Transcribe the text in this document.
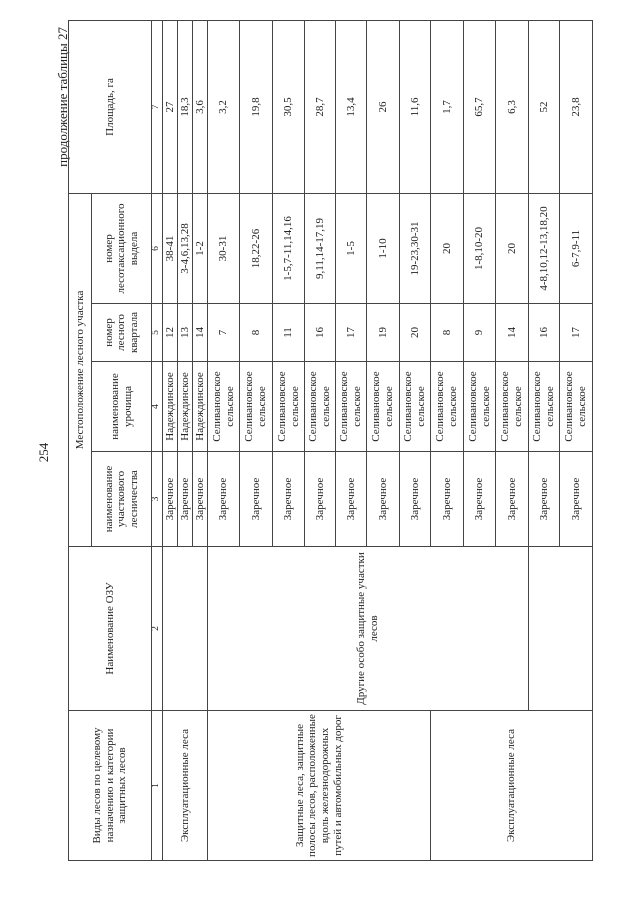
254
продолжение таблицы 27
Виды лесов по целевому назначению и категории защитных лесов	Наименование ОЗУ	Местоположение лесного участка				Площадь, га
		наименование участкового лесничества	наименование урочища	номер лесного квартала	номер лесотаксационного выдела	
1	2	3	4	5	6	7
Эксплуатационные леса		Заречное	Надеждинское	12	38-41	27
		Заречное	Надеждинское	13	3-4,6,13,28	18,3
		Заречное	Надеждинское	14	1-2	3,6
Защитные леса, защитные полосы лесов, расположенные вдоль железнодорожных путей и автомобильных дорог	Другие особо защитные участки лесов	Заречное	Селивановское сельское	7	30-31	3,2
		Заречное	Селивановское сельское	8	18,22-26	19,8
		Заречное	Селивановское сельское	11	1-5,7-11,14,16	30,5
		Заречное	Селивановское сельское	16	9,11,14-17,19	28,7
		Заречное	Селивановское сельское	17	1-5	13,4
		Заречное	Селивановское сельское	19	1-10	26
		Заречное	Селивановское сельское	20	19-23,30-31	11,6
Эксплуатационные леса		Заречное	Селивановское сельское	8	20	1,7
		Заречное	Селивановское сельское	9	1-8,10-20	65,7
		Заречное	Селивановское сельское	14	20	6,3
		Заречное	Селивановское сельское	16	4-8,10,12-13,18,20	52
		Заречное	Селивановское сельское	17	6-7,9-11	23,8
